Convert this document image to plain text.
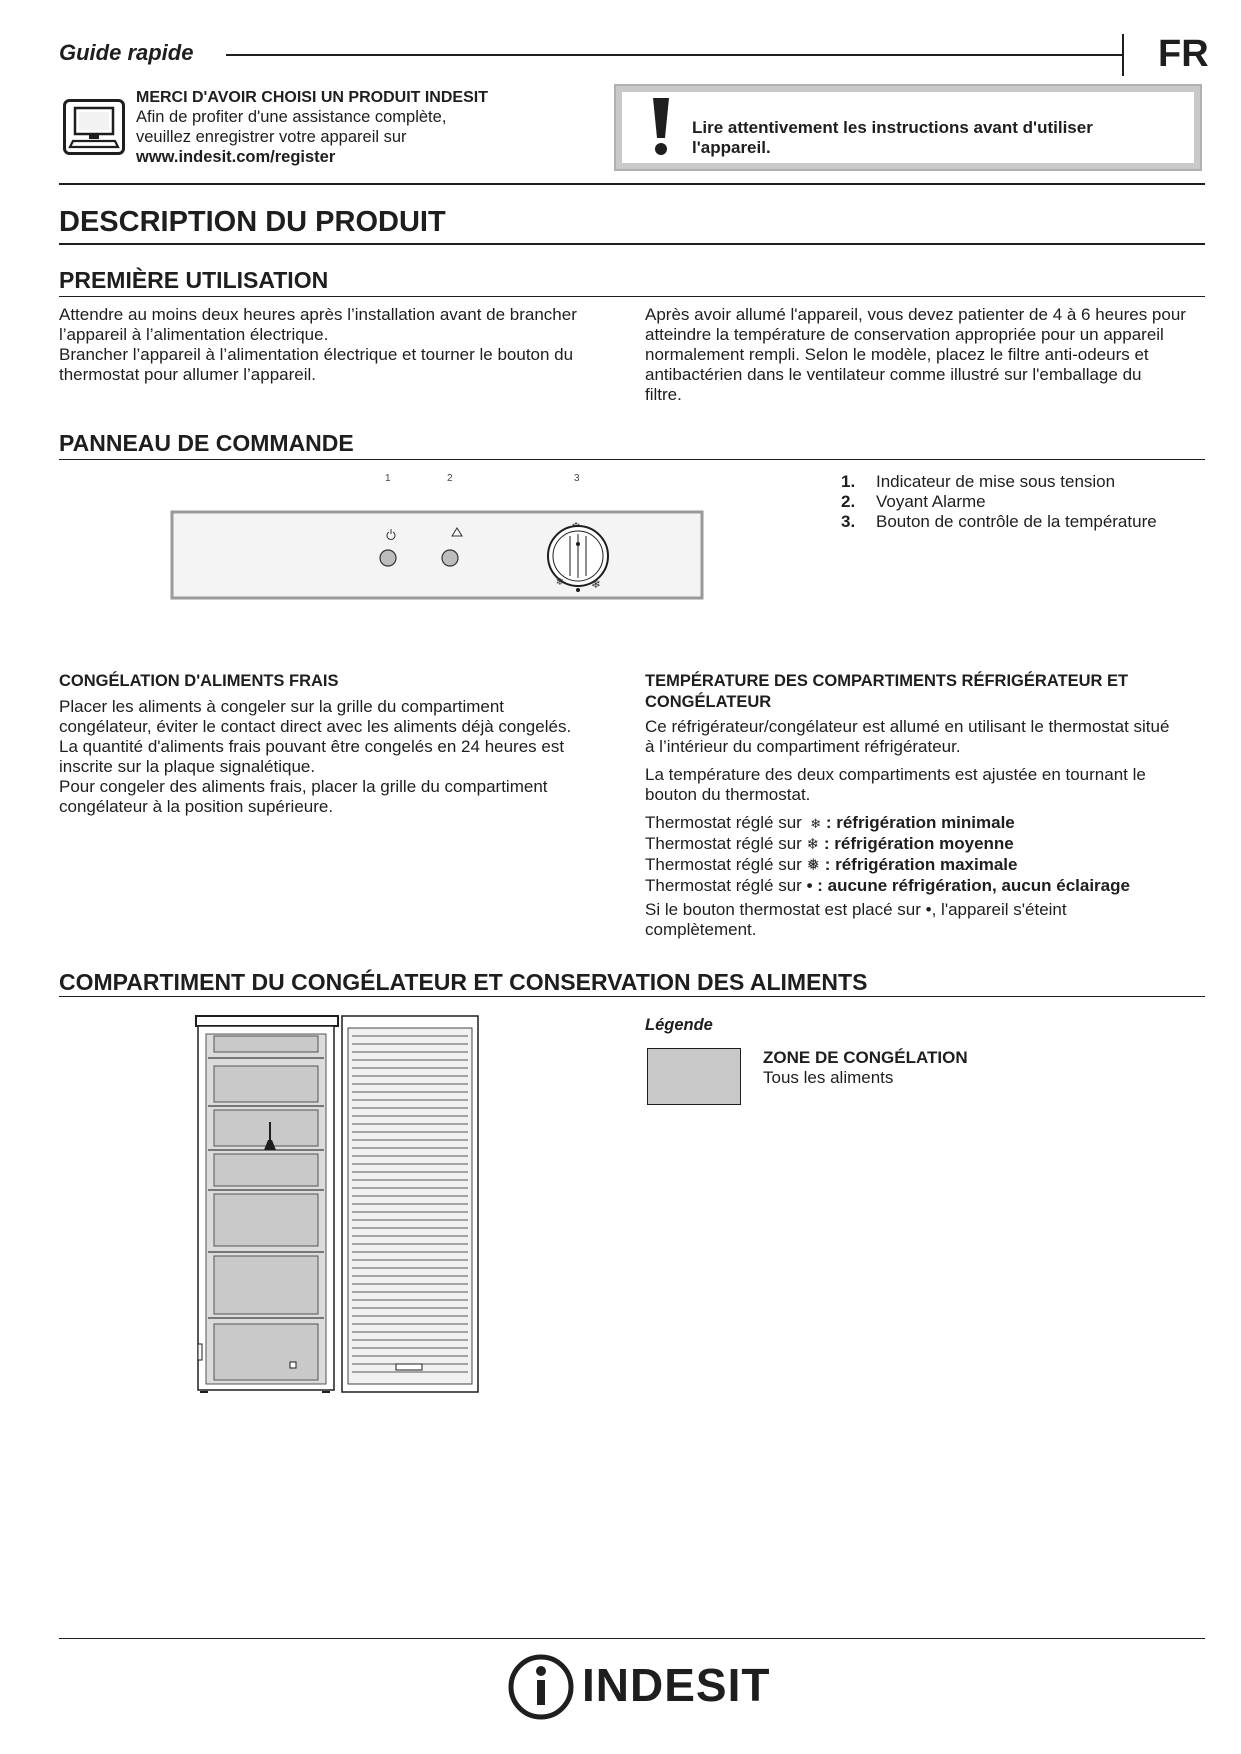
Guide rapide	FR
MERCI D'AVOIR CHOISI UN PRODUIT INDESIT
Afin de profiter d'une assistance complète,
veuillez enregistrer votre appareil sur
www.indesit.com/register
Lire attentivement les instructions avant d'utiliser l'appareil.
DESCRIPTION DU PRODUIT
PREMIÈRE UTILISATION
Attendre au moins deux heures après l’installation avant de brancher
l’appareil à l’alimentation électrique.
Brancher l’appareil à l’alimentation électrique et tourner le bouton du
thermostat pour allumer l’appareil.
Après avoir allumé l'appareil, vous devez patienter de 4 à 6 heures pour
atteindre la température de conservation appropriée pour un appareil
normalement rempli. Selon le modèle, placez le filtre anti-odeurs et
antibactérien dans le ventilateur comme illustré sur l'emballage du
filtre.
PANNEAU DE COMMANDE
1	2	3
❄ ❄
1. Indicateur de mise sous tension
2. Voyant Alarme
3. Bouton de contrôle de la température
CONGÉLATION D'ALIMENTS FRAIS
Placer les aliments à congeler sur la grille du compartiment
congélateur, éviter le contact direct avec les aliments déjà congelés.
La quantité d'aliments frais pouvant être congelés en 24 heures est
inscrite sur la plaque signalétique.
Pour congeler des aliments frais, placer la grille du compartiment
congélateur à la position supérieure.
TEMPÉRATURE DES COMPARTIMENTS RÉFRIGÉRATEUR ET
CONGÉLATEUR
Ce réfrigérateur/congélateur est allumé en utilisant le thermostat situé
à l’intérieur du compartiment réfrigérateur.
La température des deux compartiments est ajustée en tournant le
bouton du thermostat.
Thermostat réglé sur  ❄ : réfrigération minimale
Thermostat réglé sur ❄ : réfrigération moyenne
Thermostat réglé sur ❅ : réfrigération maximale
Thermostat réglé sur • : aucune réfrigération, aucun éclairage
Si le bouton thermostat est placé sur •, l'appareil s'éteint
complètement.
COMPARTIMENT DU CONGÉLATEUR ET CONSERVATION DES ALIMENTS
Légende
ZONE DE CONGÉLATION
Tous les aliments
INDESIT
